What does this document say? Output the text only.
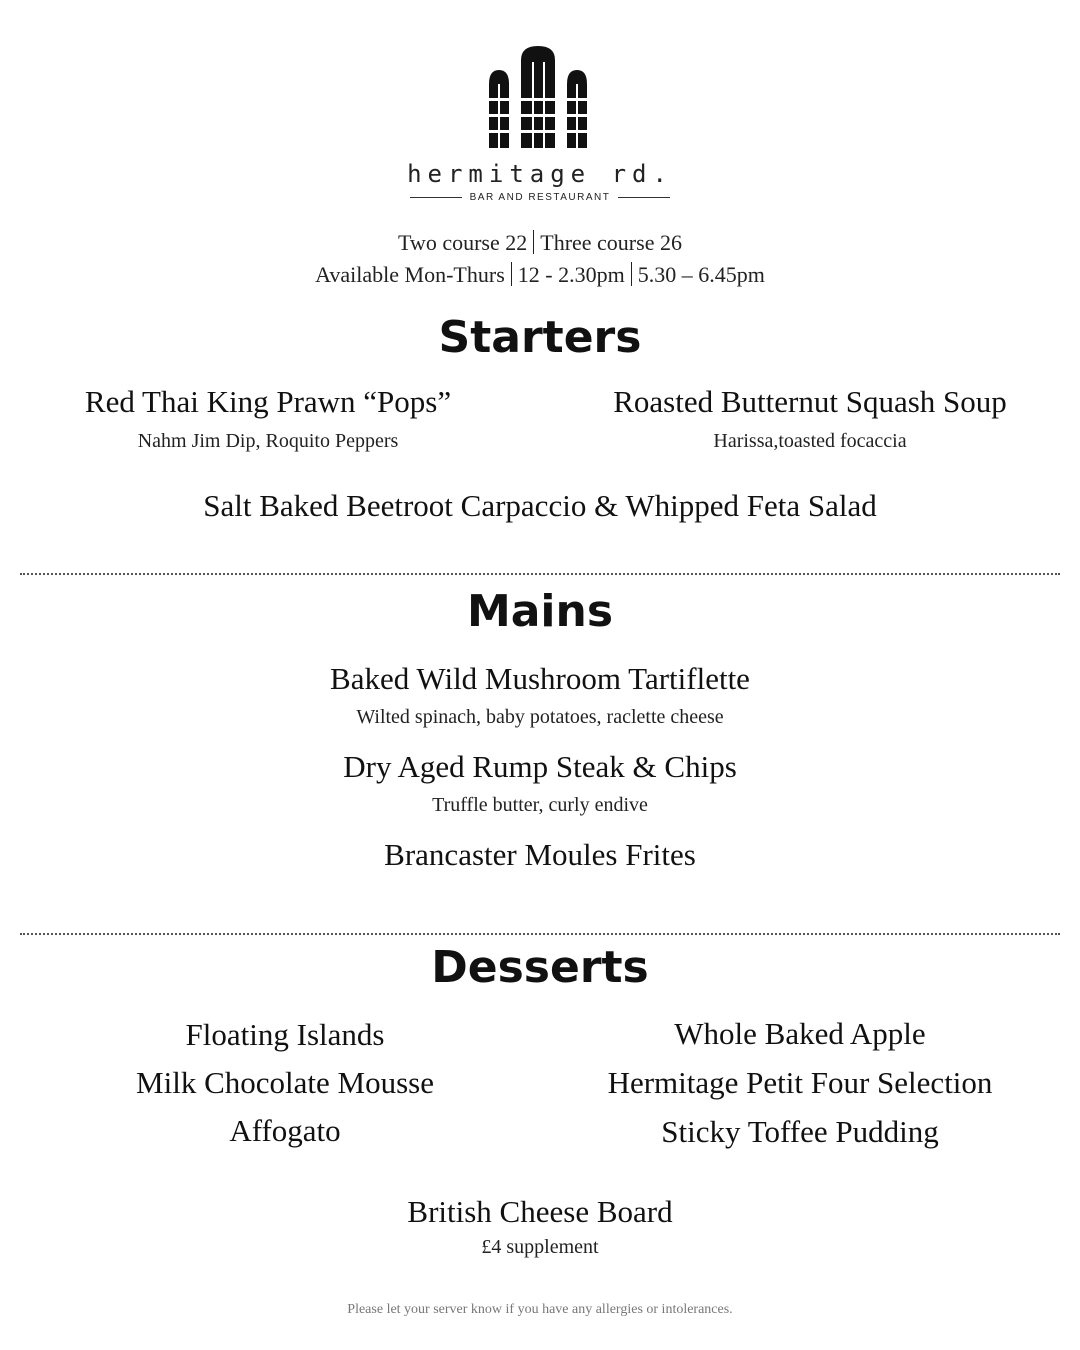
hermitage rd.
BAR AND RESTAURANT
Two course 22 Three course 26
Available Mon-Thurs 12 - 2.30pm 5.30 – 6.45pm
Starters
Red Thai King Prawn “Pops”
Nahm Jim Dip, Roquito Peppers
Roasted Butternut Squash Soup
Harissa,toasted focaccia
Salt Baked Beetroot Carpaccio & Whipped Feta Salad
Mains
Baked Wild Mushroom Tartiflette
Wilted spinach, baby potatoes, raclette cheese
Dry Aged Rump Steak & Chips
Truffle butter, curly endive
Brancaster Moules Frites
Desserts
Floating Islands
Milk Chocolate Mousse
Affogato
Whole Baked Apple
Hermitage Petit Four Selection
Sticky Toffee Pudding
British Cheese Board
£4 supplement
Please let your server know if you have any allergies or intolerances.
